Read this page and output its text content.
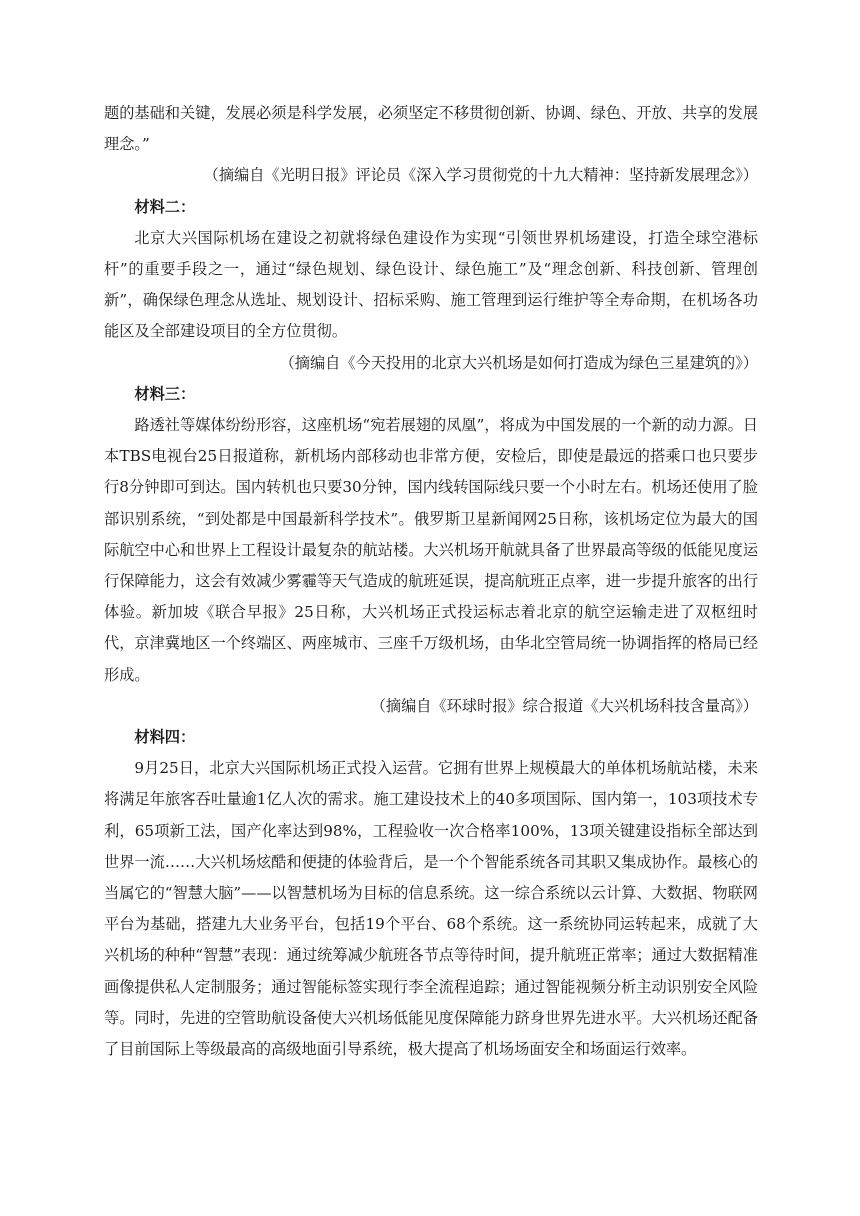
题的基础和关键，发展必须是科学发展，必须坚定不移贯彻创新、协调、绿色、开放、共享的发展理念。”

（摘编自《光明日报》评论员《深入学习贯彻党的十九大精神：坚持新发展理念》）

材料二：

北京大兴国际机场在建设之初就将绿色建设作为实现“引领世界机场建设，打造全球空港标杆”的重要手段之一，通过“绿色规划、绿色设计、绿色施工”及“理念创新、科技创新、管理创新”，确保绿色理念从选址、规划设计、招标采购、施工管理到运行维护等全寿命期，在机场各功能区及全部建设项目的全方位贯彻。

（摘编自《今天投用的北京大兴机场是如何打造成为绿色三星建筑的》）

材料三：

路透社等媒体纷纷形容，这座机场“宛若展翅的凤凰”，将成为中国发展的一个新的动力源。日本TBS电视台25日报道称，新机场内部移动也非常方便，安检后，即使是最远的搭乘口也只要步行8分钟即可到达。国内转机也只要30分钟，国内线转国际线只要一个小时左右。机场还使用了脸部识别系统，“到处都是中国最新科学技术”。俄罗斯卫星新闻网25日称，该机场定位为最大的国际航空中心和世界上工程设计最复杂的航站楼。大兴机场开航就具备了世界最高等级的低能见度运行保障能力，这会有效减少雾霾等天气造成的航班延误，提高航班正点率，进一步提升旅客的出行体验。新加坡《联合早报》25日称，大兴机场正式投运标志着北京的航空运输走进了双枢纽时代，京津冀地区一个终端区、两座城市、三座千万级机场，由华北空管局统一协调指挥的格局已经形成。

（摘编自《环球时报》综合报道《大兴机场科技含量高》）

材料四：

9月25日，北京大兴国际机场正式投入运营。它拥有世界上规模最大的单体机场航站楼，未来将满足年旅客吞吐量逾1亿人次的需求。施工建设技术上的40多项国际、国内第一，103项技术专利，65项新工法，国产化率达到98%，工程验收一次合格率100%，13项关键建设指标全部达到世界一流……大兴机场炫酷和便捷的体验背后，是一个个智能系统各司其职又集成协作。最核心的当属它的“智慧大脑”——以智慧机场为目标的信息系统。这一综合系统以云计算、大数据、物联网平台为基础，搭建九大业务平台，包括19个平台、68个系统。这一系统协同运转起来，成就了大兴机场的种种“智慧”表现：通过统筹减少航班各节点等待时间，提升航班正常率；通过大数据精准画像提供私人定制服务；通过智能标签实现行李全流程追踪；通过智能视频分析主动识别安全风险等。同时，先进的空管助航设备使大兴机场低能见度保障能力跻身世界先进水平。大兴机场还配备了目前国际上等级最高的高级地面引导系统，极大提高了机场场面安全和场面运行效率。
